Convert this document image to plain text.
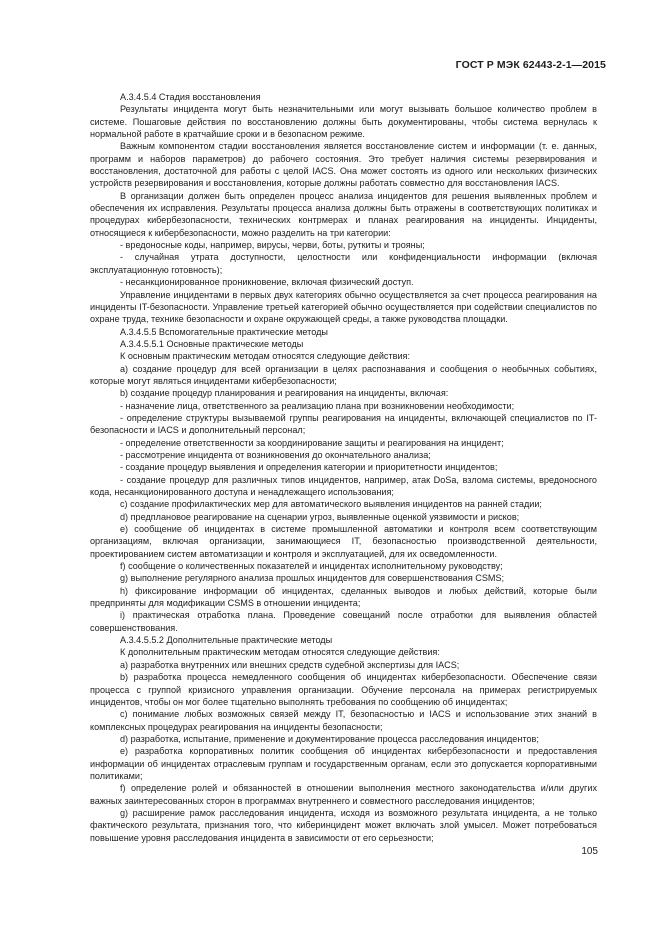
ГОСТ Р МЭК 62443-2-1—2015

А.3.4.5.4 Стадия восстановления

Результаты инцидента могут быть незначительными или могут вызывать большое количество проблем в системе. Пошаговые действия по восстановлению должны быть документированы, чтобы система вернулась к нормальной работе в кратчайшие сроки и в безопасном режиме.

Важным компонентом стадии восстановления является восстановление систем и информации (т. е. данных, программ и наборов параметров) до рабочего состояния. Это требует наличия системы резервирования и восстановления, достаточной для работы с целой IACS. Она может состоять из одного или нескольких физических устройств резервирования и восстановления, которые должны работать совместно для восстановления IACS.

В организации должен быть определен процесс анализа инцидентов для решения выявленных проблем и обеспечения их исправления. Результаты процесса анализа должны быть отражены в соответствующих политиках и процедурах кибербезопасности, технических контрмерах и планах реагирования на инциденты. Инциденты, относящиеся к кибербезопасности, можно разделить на три категории:

- вредоносные коды, например, вирусы, черви, боты, руткиты и трояны;

- случайная утрата доступности, целостности или конфиденциальности информации (включая эксплуатационную готовность);

- несанкционированное проникновение, включая физический доступ.

Управление инцидентами в первых двух категориях обычно осуществляется за счет процесса реагирования на инциденты IT-безопасности. Управление третьей категорией обычно осуществляется при содействии специалистов по охране труда, технике безопасности и охране окружающей среды, а также руководства площадки.

А.3.4.5.5 Вспомогательные практические методы

А.3.4.5.5.1 Основные практические методы

К основным практическим методам относятся следующие действия:

a) создание процедур для всей организации в целях распознавания и сообщения о необычных событиях, которые могут являться инцидентами кибербезопасности;

b) создание процедур планирования и реагирования на инциденты, включая:

- назначение лица, ответственного за реализацию плана при возникновении необходимости;

- определение структуры вызываемой группы реагирования на инциденты, включающей специалистов по IT-безопасности и IACS и дополнительный персонал;

- определение ответственности за координирование защиты и реагирования на инцидент;

- рассмотрение инцидента от возникновения до окончательного анализа;

- создание процедур выявления и определения категории и приоритетности инцидентов;

- создание процедур для различных типов инцидентов, например, атак DoSa, взлома системы, вредоносного кода, несанкционированного доступа и ненадлежащего использования;

c) создание профилактических мер для автоматического выявления инцидентов на ранней стадии;

d) предплановое реагирование на сценарии угроз, выявленные оценкой уязвимости и рисков;

e) сообщение об инцидентах в системе промышленной автоматики и контроля всем соответствующим организациям, включая организации, занимающиеся IT, безопасностью производственной деятельности, проектированием систем автоматизации и контроля и эксплуатацией, для их осведомленности.

f) сообщение о количественных показателей и инцидентах исполнительному руководству;

g) выполнение регулярного анализа прошлых инцидентов для совершенствования CSMS;

h) фиксирование информации об инцидентах, сделанных выводов и любых действий, которые были предприняты для модификации CSMS в отношении инцидента;

i) практическая отработка плана. Проведение совещаний после отработки для выявления областей совершенствования.

А.3.4.5.5.2 Дополнительные практические методы

К дополнительным практическим методам относятся следующие действия:

a) разработка внутренних или внешних средств судебной экспертизы для IACS;

b) разработка процесса немедленного сообщения об инцидентах кибербезопасности. Обеспечение связи процесса с группой кризисного управления организации. Обучение персонала на примерах регистрируемых инцидентов, чтобы он мог более тщательно выполнять требования по сообщению об инцидентах;

c) понимание любых возможных связей между IT, безопасностью и IACS и использование этих знаний в комплексных процедурах реагирования на инциденты безопасности;

d) разработка, испытание, применение и документирование процесса расследования инцидентов;

e) разработка корпоративных политик сообщения об инцидентах кибербезопасности и предоставления информации об инцидентах отраслевым группам и государственным органам, если это допускается корпоративными политиками;

f) определение ролей и обязанностей в отношении выполнения местного законодательства и/или других важных заинтересованных сторон в программах внутреннего и совместного расследования инцидентов;

g) расширение рамок расследования инцидента, исходя из возможного результата инцидента, а не только фактического результата, признания того, что киберинцидент может включать злой умысел. Может потребоваться повышение уровня расследования инцидента в зависимости от его серьезности;

105
